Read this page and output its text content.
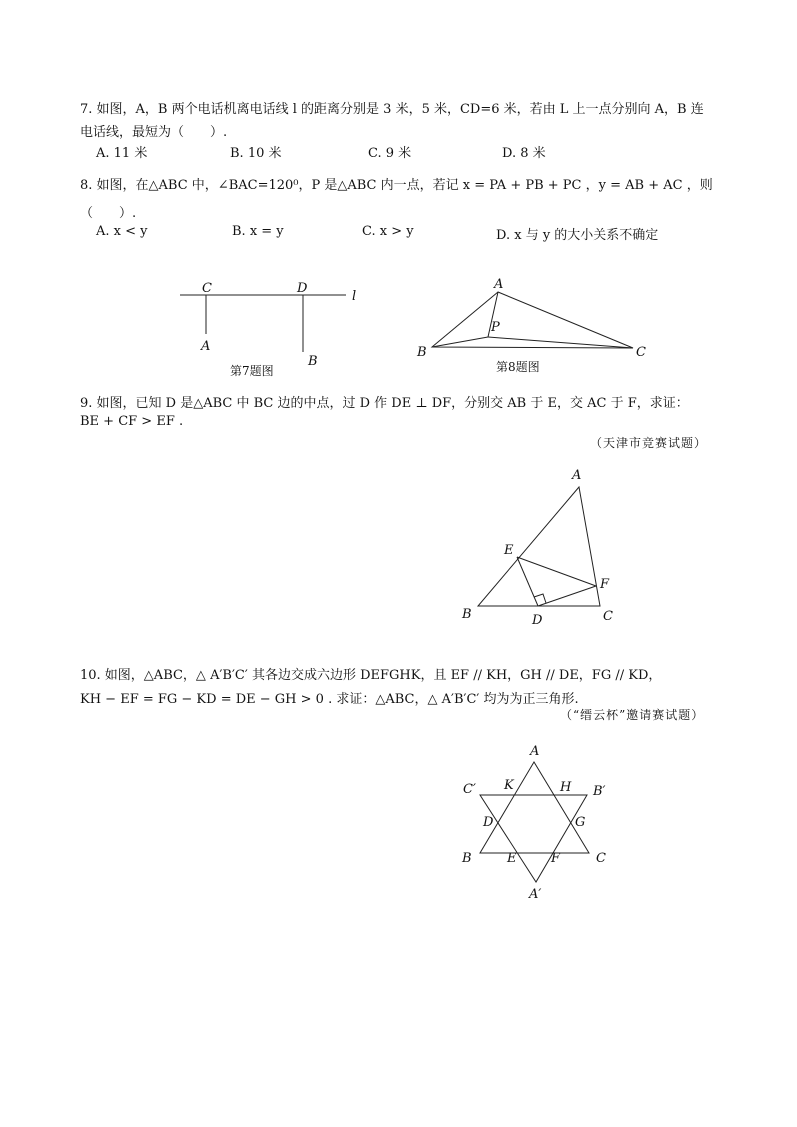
7. 如图，A，B 两个电话机离电话线 l 的距离分别是 3 米，5 米，CD=6 米，若由 L 上一点分别向 A，B 连
电话线，最短为（　　）.
A. 11 米	B. 10 米	C. 9 米	D. 8 米
8. 如图，在△ABC 中，∠BAC=120⁰，P 是△ABC 内一点，若记 x = PA + PB + PC ，y = AB + AC ，则
（　　）.
A. x < y	B. x = y	C. x > y	D. x 与 y 的大小关系不确定
第7题图	第8题图
9. 如图，已知 D 是△ABC 中 BC 边的中点，过 D 作 DE ⊥ DF，分别交 AB 于 E，交 AC 于 F，求证：
BE + CF > EF .
（天津市竞赛试题）
10. 如图，△ABC，△ A′B′C′ 其各边交成六边形 DEFGHK，且 EF // KH，GH // DE，FG // KD，
KH − EF = FG − KD = DE − GH > 0 . 求证：△ABC，△ A′B′C′ 均为为正三角形.
（“缙云杯”邀请赛试题）
C	D
l
A
B
A
P
B	C
A
E
F
B	D	C
A
C′ K	H B′
D	G
B	E	F	C
A′
